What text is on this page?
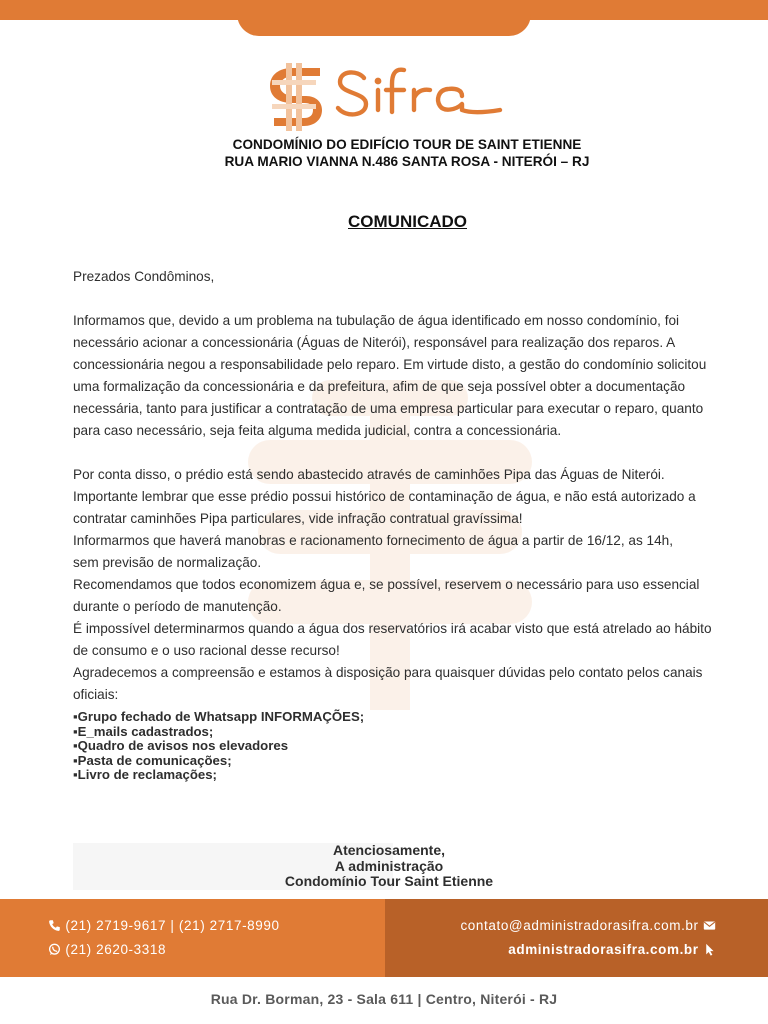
CONDOMÍNIO DO EDIFÍCIO TOUR DE SAINT ETIENNE
RUA MARIO VIANNA N.486 SANTA ROSA - NITERÓI – RJ
COMUNICADO

Prezados Condôminos,

Informamos que, devido a um problema na tubulação de água identificado em nosso condomínio, foi
necessário acionar a concessionária (Águas de Niterói), responsável para realização dos reparos. A
concessionária negou a responsabilidade pelo reparo. Em virtude disto, a gestão do condomínio solicitou
uma formalização da concessionária e da prefeitura, afim de que seja possível obter a documentação
necessária, tanto para justificar a contratação de uma empresa particular para executar o reparo, quanto
para caso necessário, seja feita alguma medida judicial, contra a concessionária.
Por conta disso, o prédio está sendo abastecido através de caminhões Pipa das Águas de Niterói.
Importante lembrar que esse prédio possui histórico de contaminação de água, e não está autorizado a
contratar caminhões Pipa particulares, vide infração contratual gravíssima!
Informarmos que haverá manobras e racionamento fornecimento de água a partir de 16/12, as 14h,
sem previsão de normalização.
Recomendamos que todos economizem água e, se possível, reservem o necessário para uso essencial
durante o período de manutenção.
É impossível determinarmos quando a água dos reservatórios irá acabar visto que está atrelado ao hábito
de consumo e o uso racional desse recurso!
Agradecemos a compreensão e estamos à disposição para quaisquer dúvidas pelo contato pelos canais
oficiais:
▪Grupo fechado de Whatsapp INFORMAÇÕES;
▪E_mails cadastrados;
▪Quadro de avisos nos elevadores
▪Pasta de comunicações;
▪Livro de reclamações;
Atenciosamente,
A administração
Condomínio Tour Saint Etienne
(21) 2719-9617 | (21) 2717-8990
(21) 2620-3318
contato@administradorasifra.com.br
administradorasifra.com.br
Rua Dr. Borman, 23 - Sala 611 | Centro, Niterói - RJ
